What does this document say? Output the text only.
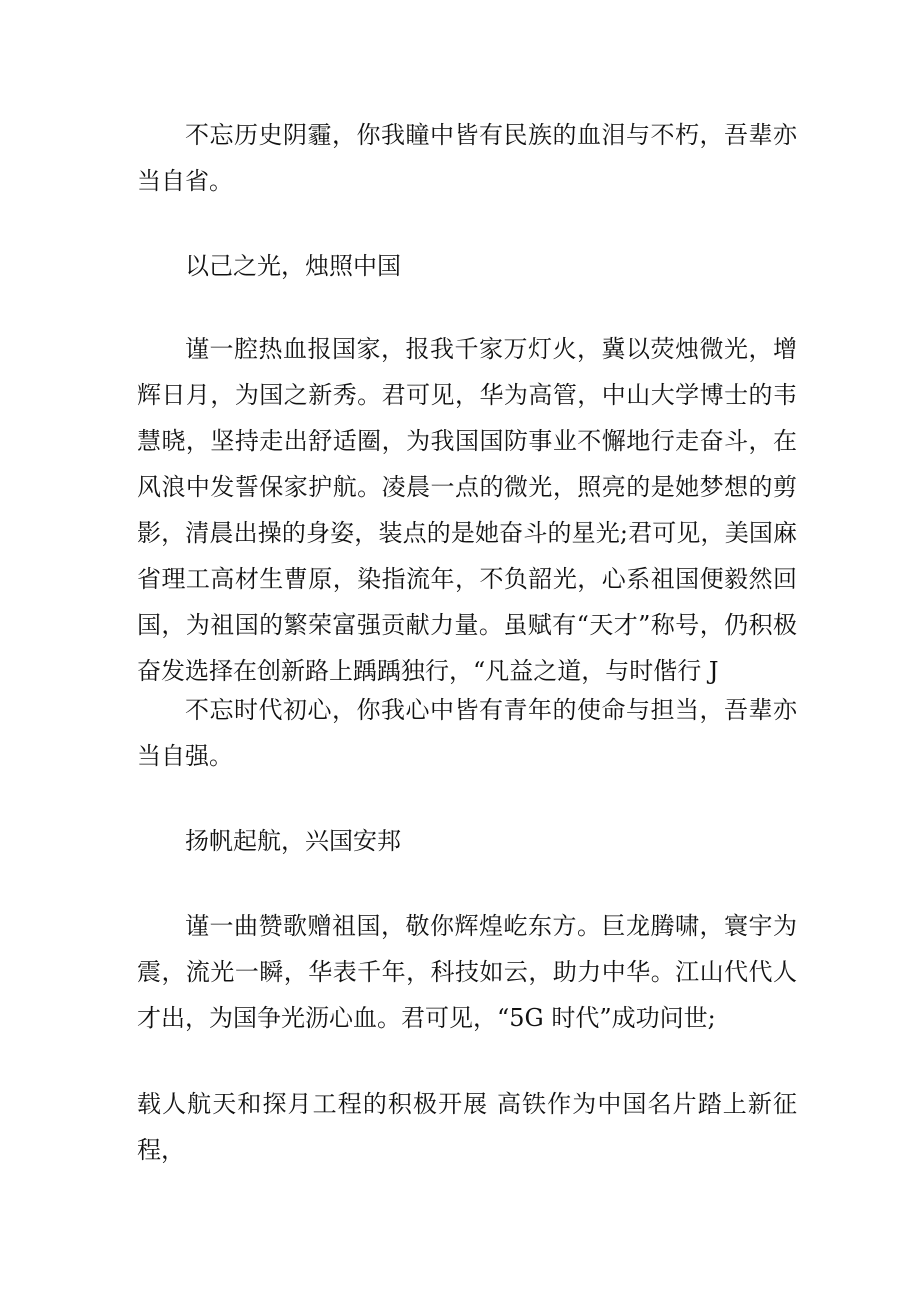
不忘历史阴霾，你我瞳中皆有民族的血泪与不朽，吾辈亦当自省。

以己之光，烛照中国

谨一腔热血报国家，报我千家万灯火，冀以荧烛微光，增辉日月，为国之新秀。君可见，华为高管，中山大学博士的韦慧晓，坚持走出舒适圈，为我国国防事业不懈地行走奋斗，在风浪中发誓保家护航。凌晨一点的微光，照亮的是她梦想的剪影，清晨出操的身姿，装点的是她奋斗的星光;君可见，美国麻省理工高材生曹原，染指流年，不负韶光，心系祖国便毅然回国，为祖国的繁荣富强贡献力量。虽赋有“天才”称号，仍积极奋发选择在创新路上踽踽独行，“凡益之道，与时偕行 J

不忘时代初心，你我心中皆有青年的使命与担当，吾辈亦当自强。

扬帆起航，兴国安邦

谨一曲赞歌赠祖国，敬你辉煌屹东方。巨龙腾啸，寰宇为震，流光一瞬，华表千年，科技如云，助力中华。江山代代人才出，为国争光沥心血。君可见，“5G 时代”成功问世;

载人航天和探月工程的积极开展 高铁作为中国名片踏上新征程，
